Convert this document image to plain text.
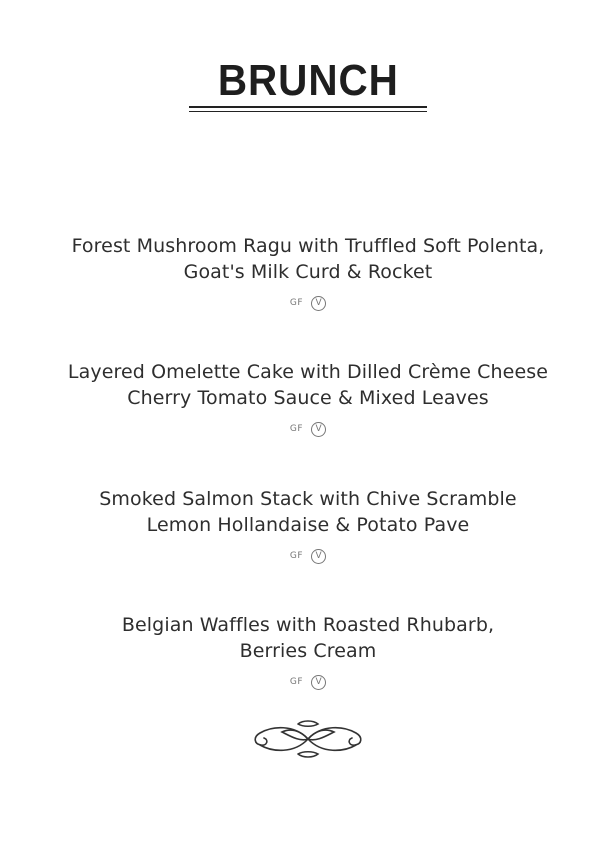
BRUNCH
Forest Mushroom Ragu with Truffled Soft Polenta,
Goat's Milk Curd & Rocket
GF	V
Layered Omelette Cake with Dilled Crème Cheese
Cherry Tomato Sauce & Mixed Leaves
GF	V
Smoked Salmon Stack with Chive Scramble
Lemon Hollandaise & Potato Pave
GF	V
Belgian Waffles with Roasted Rhubarb,
Berries Cream
GF	V
